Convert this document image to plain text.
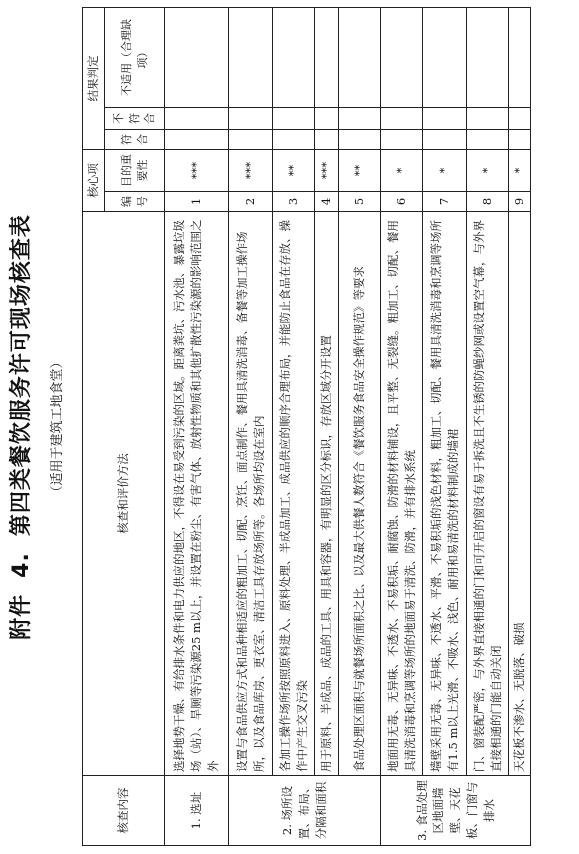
附件4.第四类餐饮服务许可现场核查表	（适用于建筑工地食堂）
核查内容	核查和评价方法	核心项		结果判定		
		编号	目的重要性	符合	不符合	不适用（合理缺项）

1. 选址	选择地势干燥、有给排水条件和电力供应的地区，不得设在易受到污染的区域。距离粪坑、污水池、暴露垃圾场（站）、旱厕等污染源25 m以上，并设置在粉尘、有害气体、放射性物质和其他扩散性污染源的影响范围之外	1	***			
2. 场所设置、布局、分隔和面积	设置与食品供应方式和品种相适应的粗加工、切配、烹饪、面点制作、餐用具清洗消毒、备餐等加工操作场所，以及食品库房、更衣室、清洁工具存放场所等。各场所均设在室内	2	***			
	各加工操作场所按照原料进入、原料处理、半成品加工、成品供应的顺序合理布局，并能防止食品在存放、操作中产生交叉污染	3	**			
	用于原料、半成品、成品的工具、用具和容器，有明显的区分标识，存放区域分开设置	4	***			
	食品处理区面积与就餐场所面积之比、以及最大供餐人数符合《餐饮服务食品安全操作规范》等要求	5	**			
3. 食品处理区地面墙壁、天花板、门窗与排水	地面用无毒、无异味、不透水、不易积垢、耐腐蚀、防滑的材料铺设，且平整、无裂缝。粗加工、切配、餐用具清洗消毒和烹调等场所的地面易于清洗、防滑，并有排水系统	6	*			
	墙壁采用无毒、无异味、不透水、平滑、不易积垢的浅色材料，粗加工、切配、餐用具清洗消毒和烹调等场所有1.5 m以上光滑、不吸水、浅色、耐用和易清洗的材料制成的墙裙	7	*			
	门、窗装配严密，与外界直接相通的门和可开启的窗设有易于拆洗且不生锈的防蝇纱网或设置空气幕，与外界直接相通的门能自动关闭	8	*			
	天花板不渗水、无脱落、破损	9	*			
